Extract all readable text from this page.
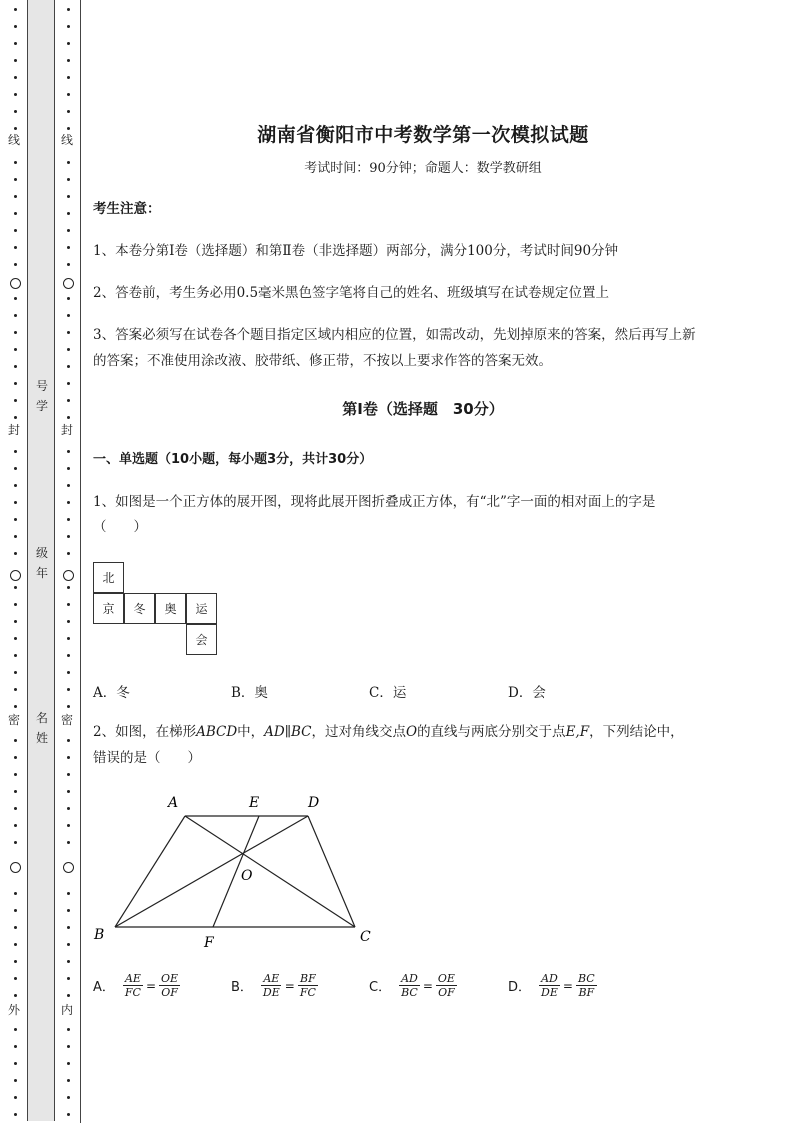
线
封
密
外
线
封
密
内
号学
级年
名姓
湖南省衡阳市中考数学第一次模拟试题
考试时间：90分钟；命题人：数学教研组
考生注意：
1、本卷分第I卷（选择题）和第Ⅱ卷（非选择题）两部分，满分100分，考试时间90分钟
2、答卷前，考生务必用0.5毫米黑色签字笔将自己的姓名、班级填写在试卷规定位置上
3、答案必须写在试卷各个题目指定区域内相应的位置，如需改动，先划掉原来的答案，然后再写上新
的答案；不准使用涂改液、胶带纸、修正带，不按以上要求作答的答案无效。
第I卷（选择题　30分）
一、单选题（10小题，每小题3分，共计30分）
1、如图是一个正方体的展开图，现将此展开图折叠成正方体，有“北”字一面的相对面上的字是
（　　）
A．冬	B．奥	C．运	D．会
2、如图，在梯形ABCD中，AD∥BC，过对角线交点O的直线与两底分别交于点E,F，下列结论中，
错误的是（　　）
A． $\frac{AE}{FC} = \frac{OE}{OF}$	B． $\frac{AE}{DE} = \frac{BF}{FC}$	C． $\frac{AD}{BC} = \frac{OE}{OF}$	D． $\frac{AD}{DE} = \frac{BC}{BF}$
北
京	冬	奥	运
会
A	E	D
O
B	F	C
